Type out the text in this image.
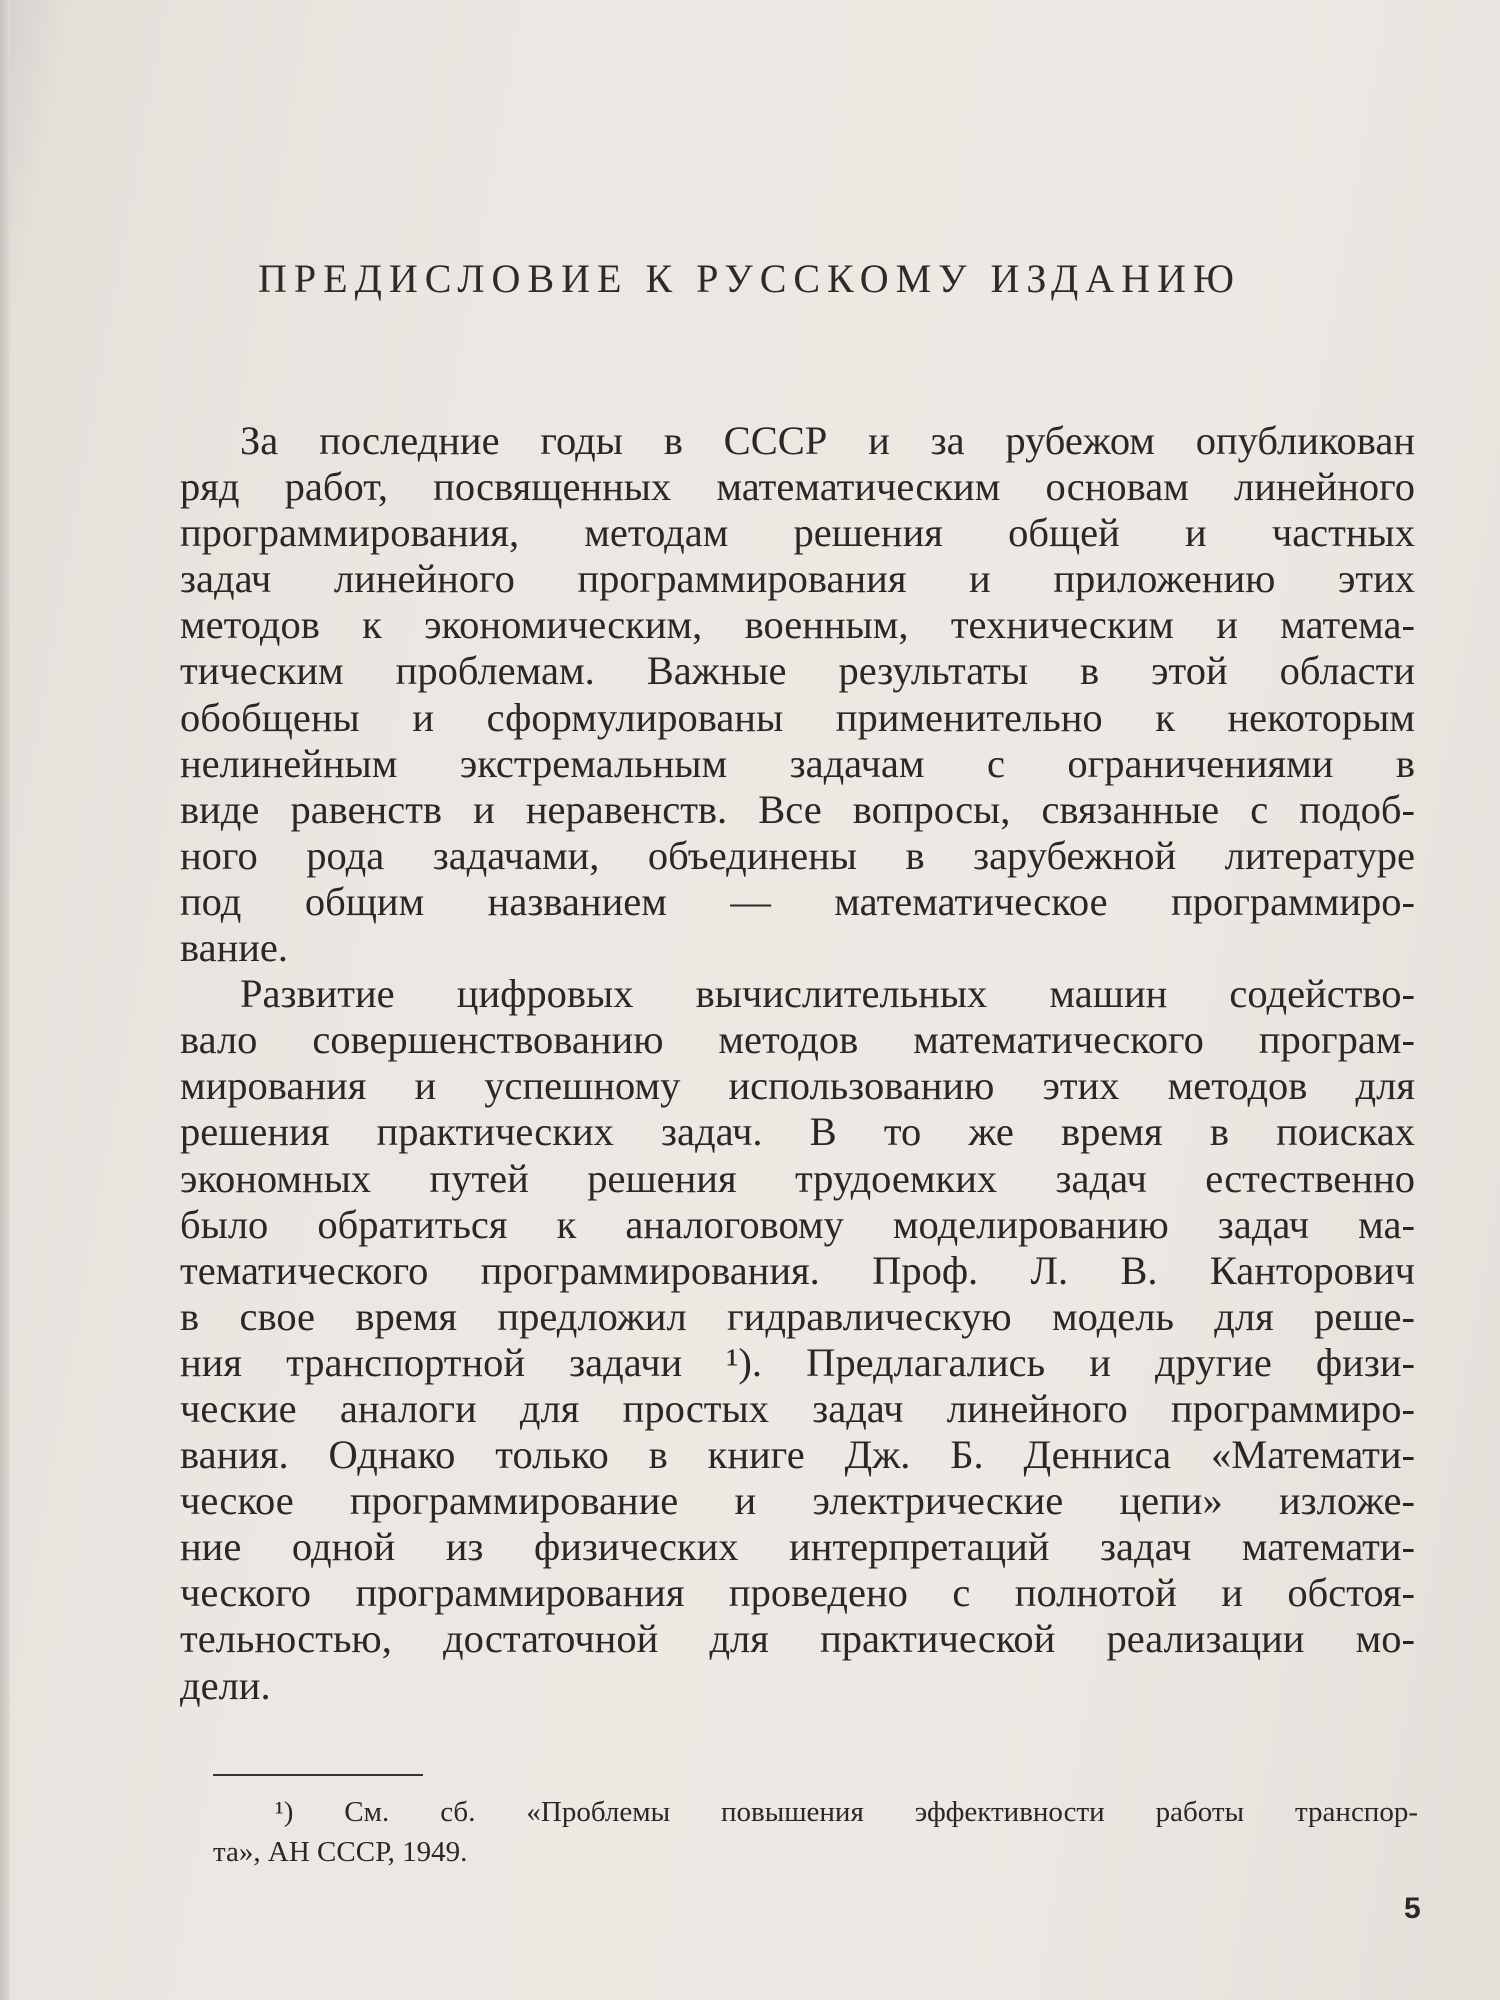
ПРЕДИСЛОВИЕ К РУССКОМУ ИЗДАНИЮ
За последние годы в СССР и за рубежом опубликован
ряд работ, посвященных математическим основам линейного
программирования, методам решения общей и частных
задач линейного программирования и приложению этих
методов к экономическим, военным, техническим и матема-
тическим проблемам. Важные результаты в этой области
обобщены и сформулированы применительно к некоторым
нелинейным экстремальным задачам с ограничениями в
виде равенств и неравенств. Все вопросы, связанные с подоб-
ного рода задачами, объединены в зарубежной литературе
под общим названием — математическое программиро-
вание.
Развитие цифровых вычислительных машин содейство-
вало совершенствованию методов математического програм-
мирования и успешному использованию этих методов для
решения практических задач. В то же время в поисках
экономных путей решения трудоемких задач естественно
было обратиться к аналоговому моделированию задач ма-
тематического программирования. Проф. Л. В. Канторович
в свое время предложил гидравлическую модель для реше-
ния транспортной задачи ¹). Предлагались и другие физи-
ческие аналоги для простых задач линейного программиро-
вания. Однако только в книге Дж. Б. Денниса «Математи-
ческое программирование и электрические цепи» изложе-
ние одной из физических интерпретаций задач математи-
ческого программирования проведено с полнотой и обстоя-
тельностью, достаточной для практической реализации мо-
дели.
¹) См. сб. «Проблемы повышения эффективности работы транспор-
та», АН СССР, 1949.
5
